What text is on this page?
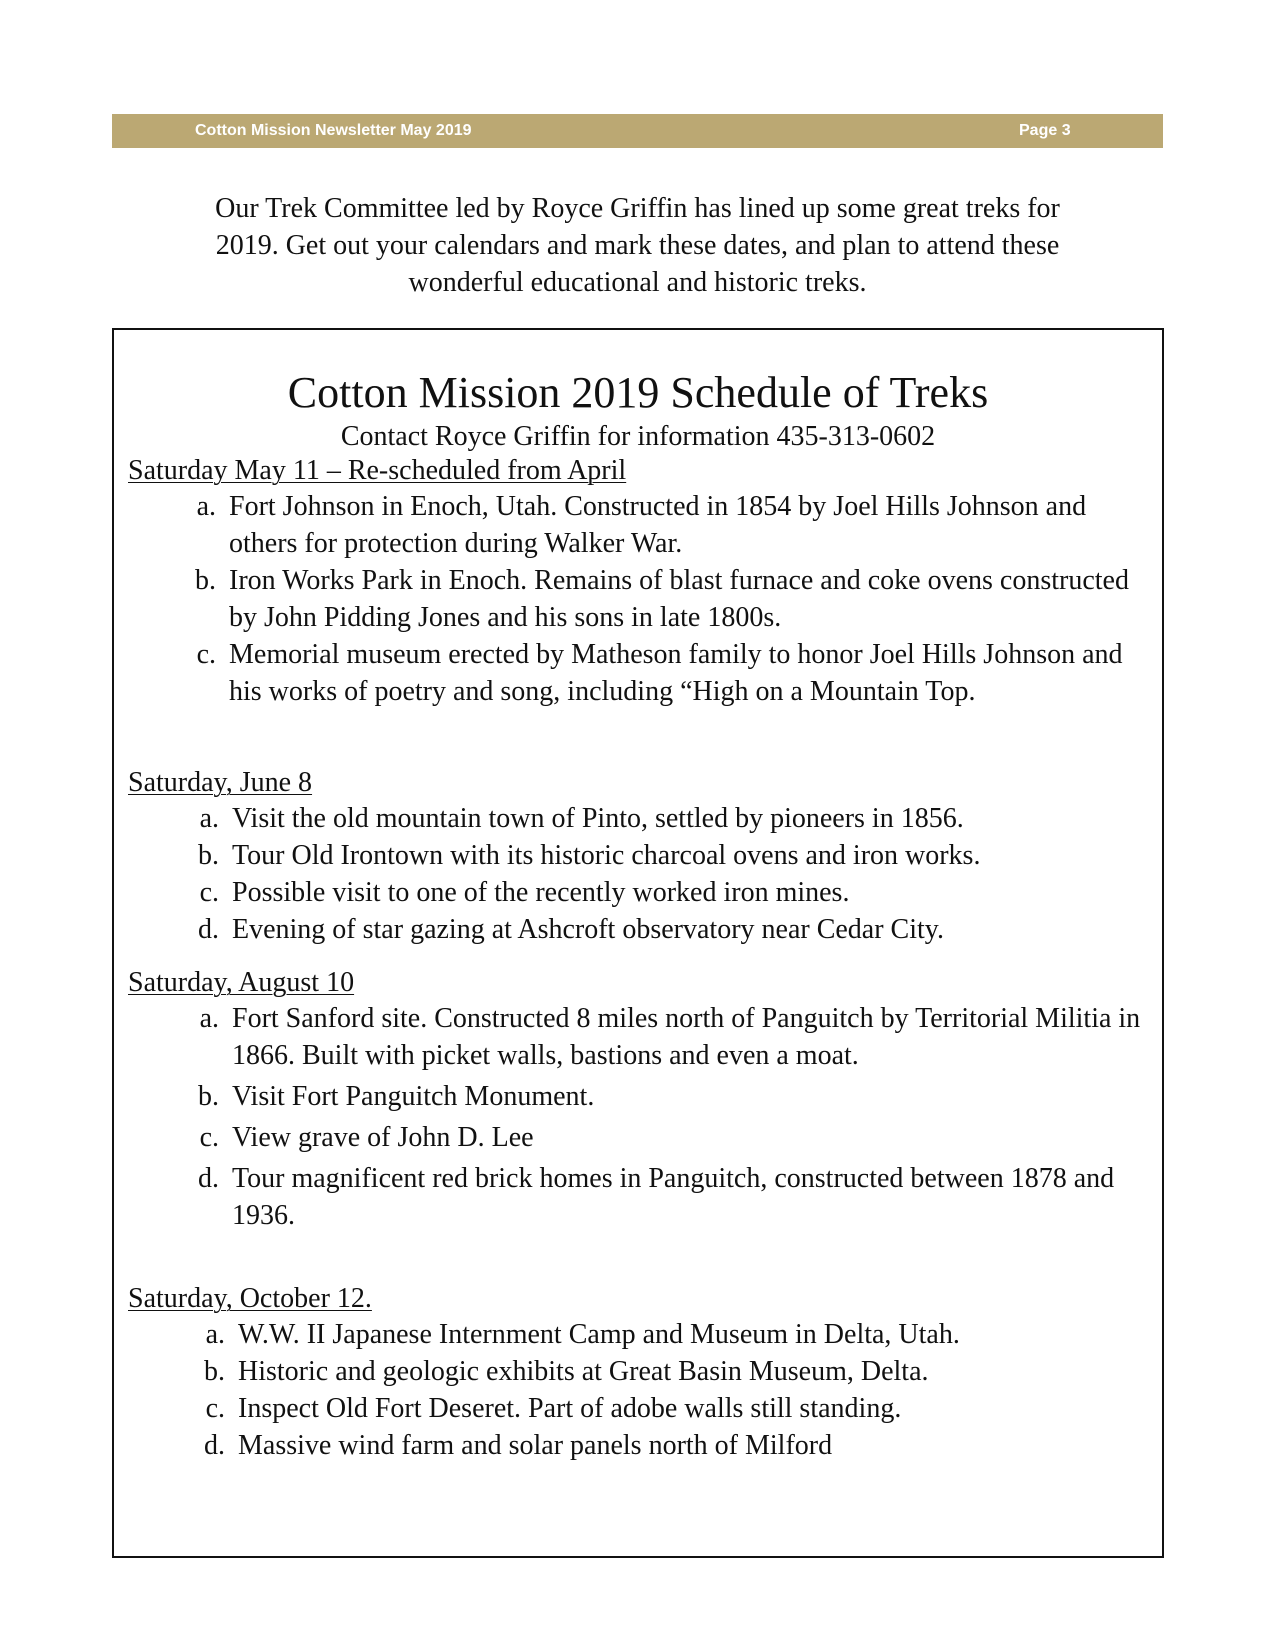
Cotton Mission Newsletter May 2019	Page 3

Our Trek Committee led by Royce Griffin has lined up some great treks for

2019. Get out your calendars and mark these dates, and plan to attend these

wonderful educational and historic treks.

Cotton Mission 2019 Schedule of Treks
Contact Royce Griffin for information 435-313-0602
Saturday May 11 – Re-scheduled from April
a. Fort Johnson in Enoch, Utah. Constructed in 1854 by Joel Hills Johnson and others for protection during Walker War.
b. Iron Works Park in Enoch. Remains of blast furnace and coke ovens constructed by John Pidding Jones and his sons in late 1800s.
c. Memorial museum erected by Matheson family to honor Joel Hills Johnson and his works of poetry and song, including “High on a Mountain Top.
Saturday, June 8
a. Visit the old mountain town of Pinto, settled by pioneers in 1856.
b. Tour Old Irontown with its historic charcoal ovens and iron works.
c. Possible visit to one of the recently worked iron mines.
d. Evening of star gazing at Ashcroft observatory near Cedar City.
Saturday, August 10
a. Fort Sanford site. Constructed 8 miles north of Panguitch by Territorial Militia in 1866. Built with picket walls, bastions and even a moat.
b. Visit Fort Panguitch Monument.
c. View grave of John D. Lee
d. Tour magnificent red brick homes in Panguitch, constructed between 1878 and 1936.
Saturday, October 12.
a. W.W. II Japanese Internment Camp and Museum in Delta, Utah.
b. Historic and geologic exhibits at Great Basin Museum, Delta.
c. Inspect Old Fort Deseret. Part of adobe walls still standing.
d. Massive wind farm and solar panels north of Milford
